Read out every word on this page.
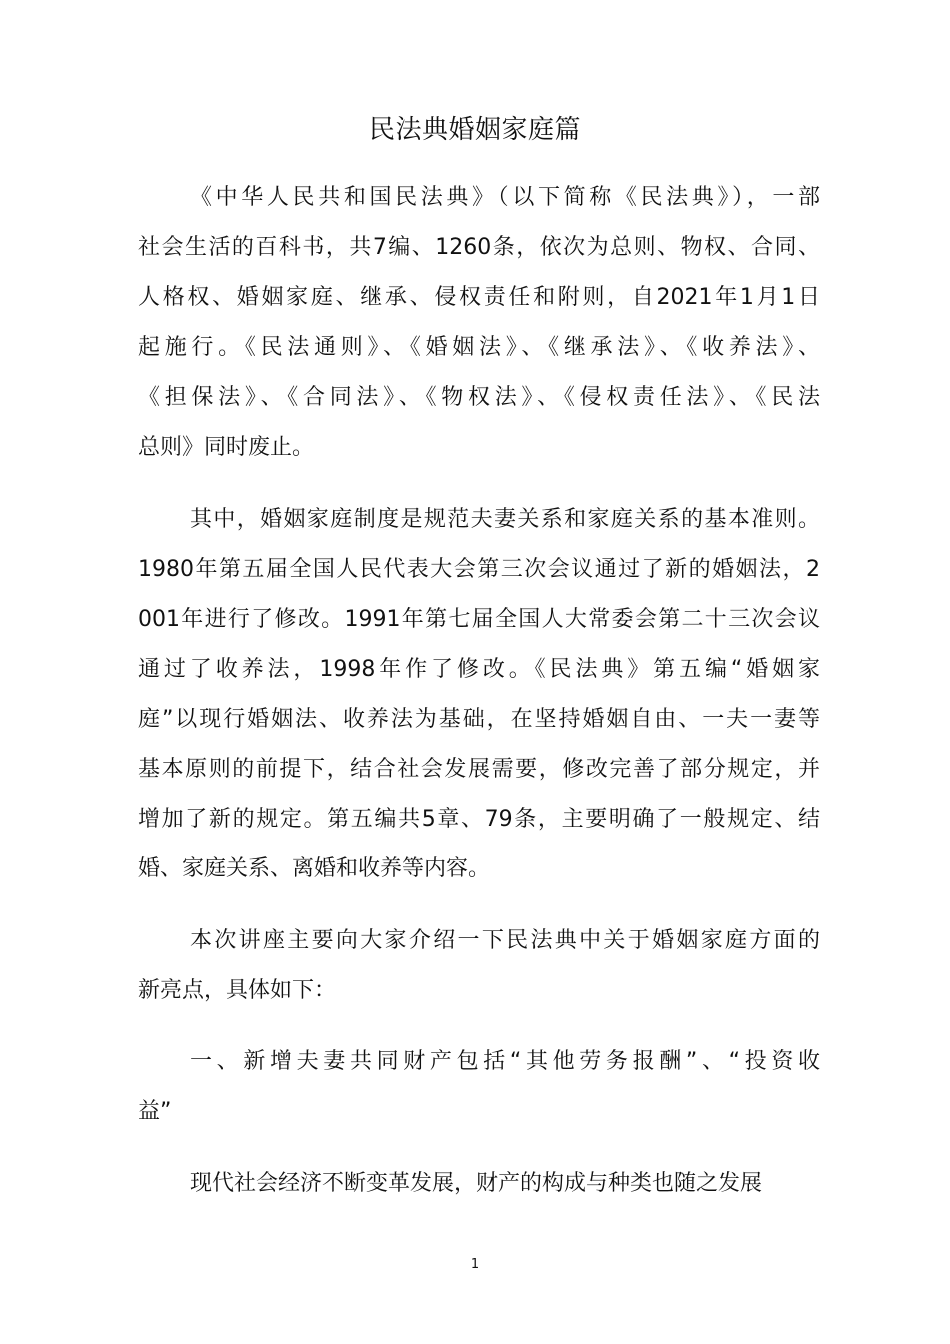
民法典婚姻家庭篇
《中华人民共和国民法典》（以下简称《民法典》），一部
社会生活的百科书，共7编、1260条，依次为总则、物权、合同、
人格权、婚姻家庭、继承、侵权责任和附则，自2021年1月1日
起施行。《民法通则》、《婚姻法》、《继承法》、《收养法》、
《担保法》、《合同法》、《物权法》、《侵权责任法》、《民法
总则》同时废止。
其中，婚姻家庭制度是规范夫妻关系和家庭关系的基本准则。
1980年第五届全国人民代表大会第三次会议通过了新的婚姻法，2
001年进行了修改。1991年第七届全国人大常委会第二十三次会议
通过了收养法，1998年作了修改。《民法典》第五编“婚姻家
庭”以现行婚姻法、收养法为基础，在坚持婚姻自由、一夫一妻等
基本原则的前提下，结合社会发展需要，修改完善了部分规定，并
增加了新的规定。第五编共5章、79条，主要明确了一般规定、结
婚、家庭关系、离婚和收养等内容。
本次讲座主要向大家介绍一下民法典中关于婚姻家庭方面的
新亮点，具体如下：
一、新增夫妻共同财产包括“其他劳务报酬”、“投资收
益”
现代社会经济不断变革发展，财产的构成与种类也随之发展
1
